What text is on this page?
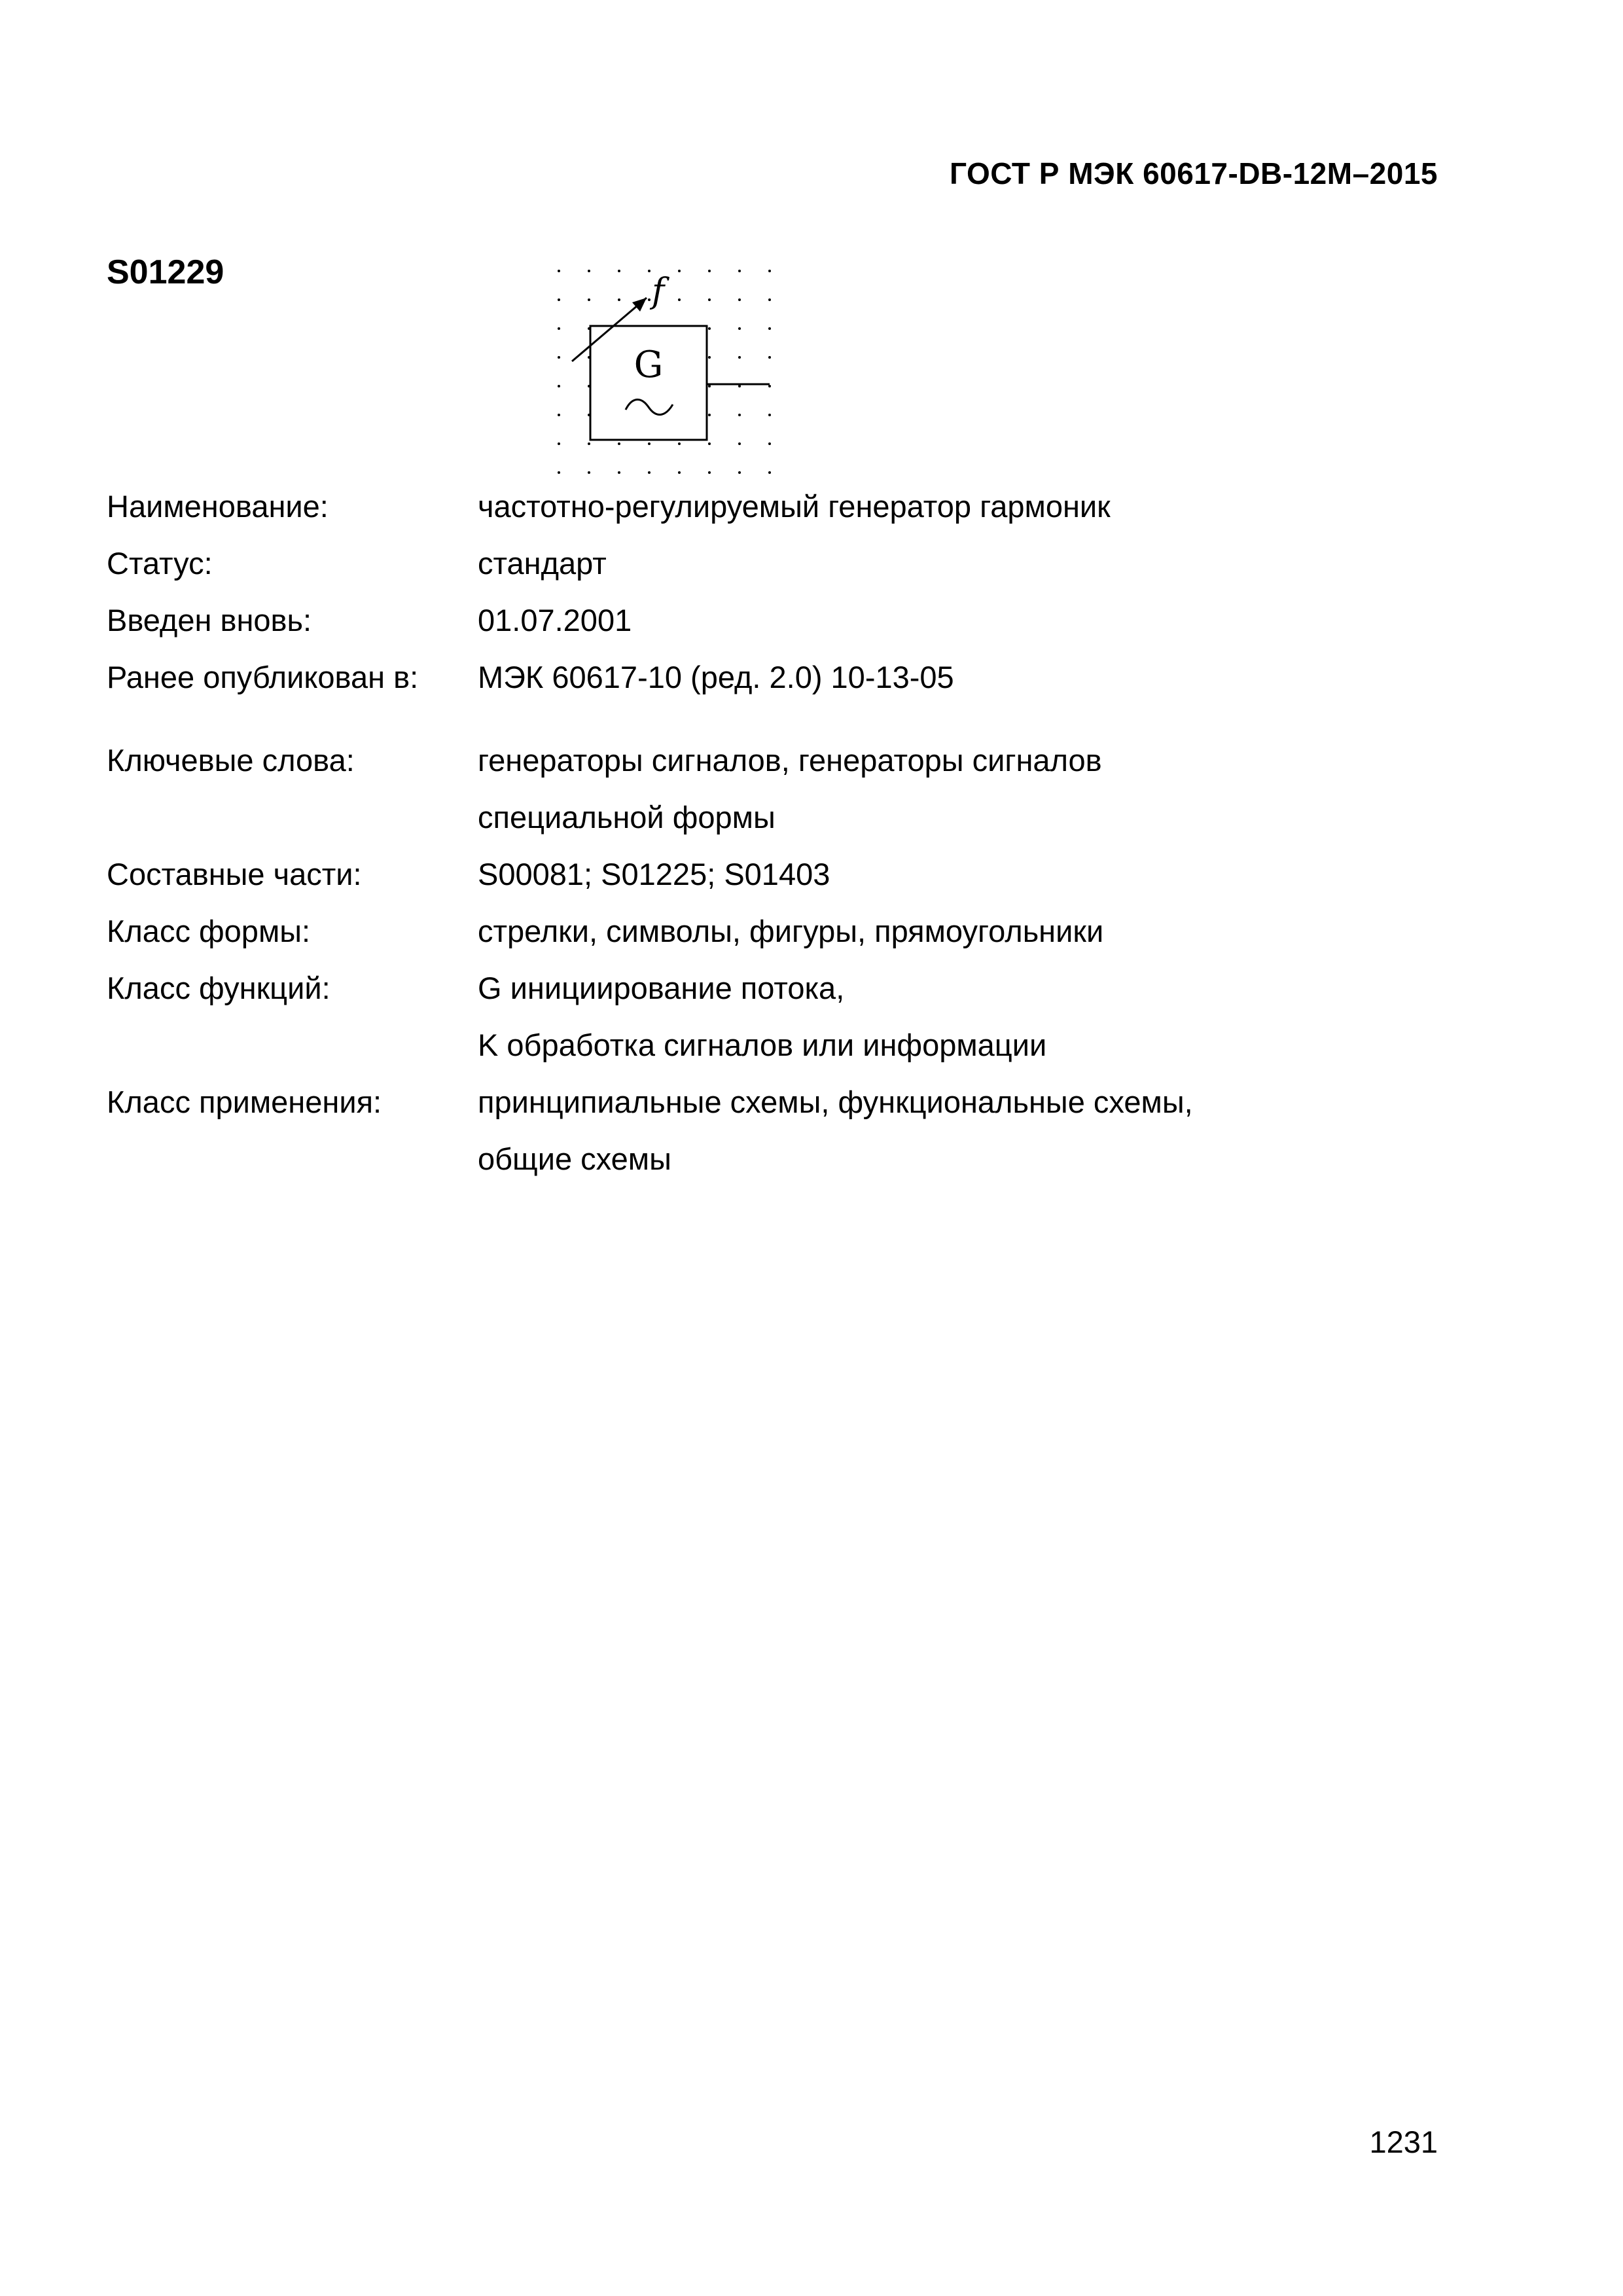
ГОСТ Р МЭК 60617-DB-12M–2015
S01229	f
G
Наименование:	частотно-регулируемый генератор гармоник
Статус:	стандарт
Введен вновь:	01.07.2001
Ранее опубликован в:	МЭК 60617-10 (ред. 2.0) 10-13-05
Ключевые слова:	генераторы сигналов, генераторы сигналов
специальной формы
Составные части:	S00081; S01225; S01403
Класс формы:	стрелки, символы, фигуры, прямоугольники
Класс функций:	G инициирование потока,
K обработка сигналов или информации
Класс применения:	принципиальные схемы, функциональные схемы,
общие схемы
1231
